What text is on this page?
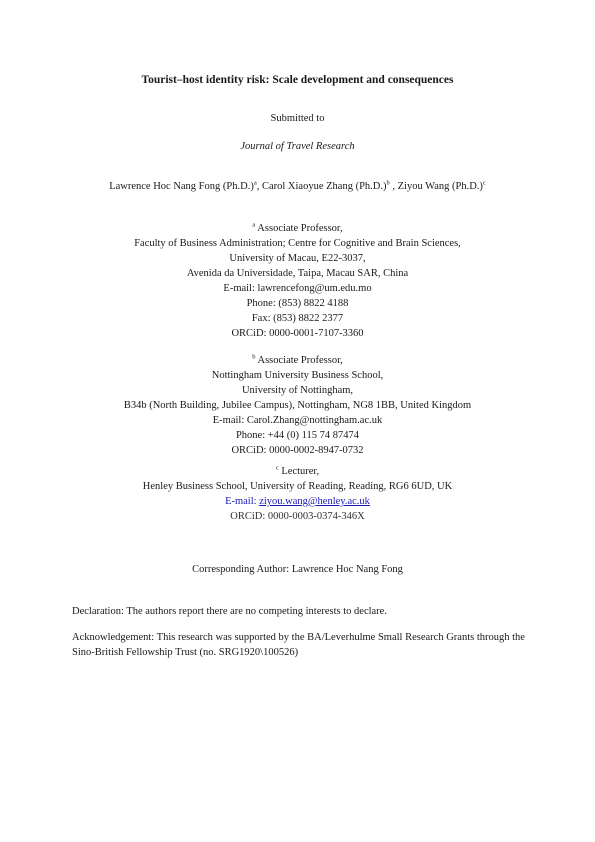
Tourist–host identity risk: Scale development and consequences
Submitted to
Journal of Travel Research
Lawrence Hoc Nang Fong $(Ph.D.)^a$, Carol Xiaoyue Zhang $(Ph.D.)^b$ , Ziyou Wang $(Ph.D.)^c$
$^a$ Associate Professor,
Faculty of Business Administration; Centre for Cognitive and Brain Sciences,
University of Macau, E22-3037,
Avenida da Universidade, Taipa, Macau SAR, China
E-mail: lawrencefong@um.edu.mo
Phone: (853) 8822 4188
Fax: (853) 8822 2377
ORCiD: 0000-0001-7107-3360
$^b$ Associate Professor,
Nottingham University Business School,
University of Nottingham,
B34b (North Building, Jubilee Campus), Nottingham, NG8 1BB, United Kingdom
E-mail: Carol.Zhang@nottingham.ac.uk
Phone: +44 (0) 115 74 87474
ORCiD: 0000-0002-8947-0732
$^c$ Lecturer,
Henley Business School, University of Reading, Reading, RG6 6UD, UK
E-mail: ziyou.wang@henley.ac.uk
ORCiD: 0000-0003-0374-346X
Corresponding Author: Lawrence Hoc Nang Fong
Declaration: The authors report there are no competing interests to declare.
Acknowledgement: This research was supported by the BA/Leverhulme Small Research Grants through the Sino-British Fellowship Trust (no. SRG1920\100526)
